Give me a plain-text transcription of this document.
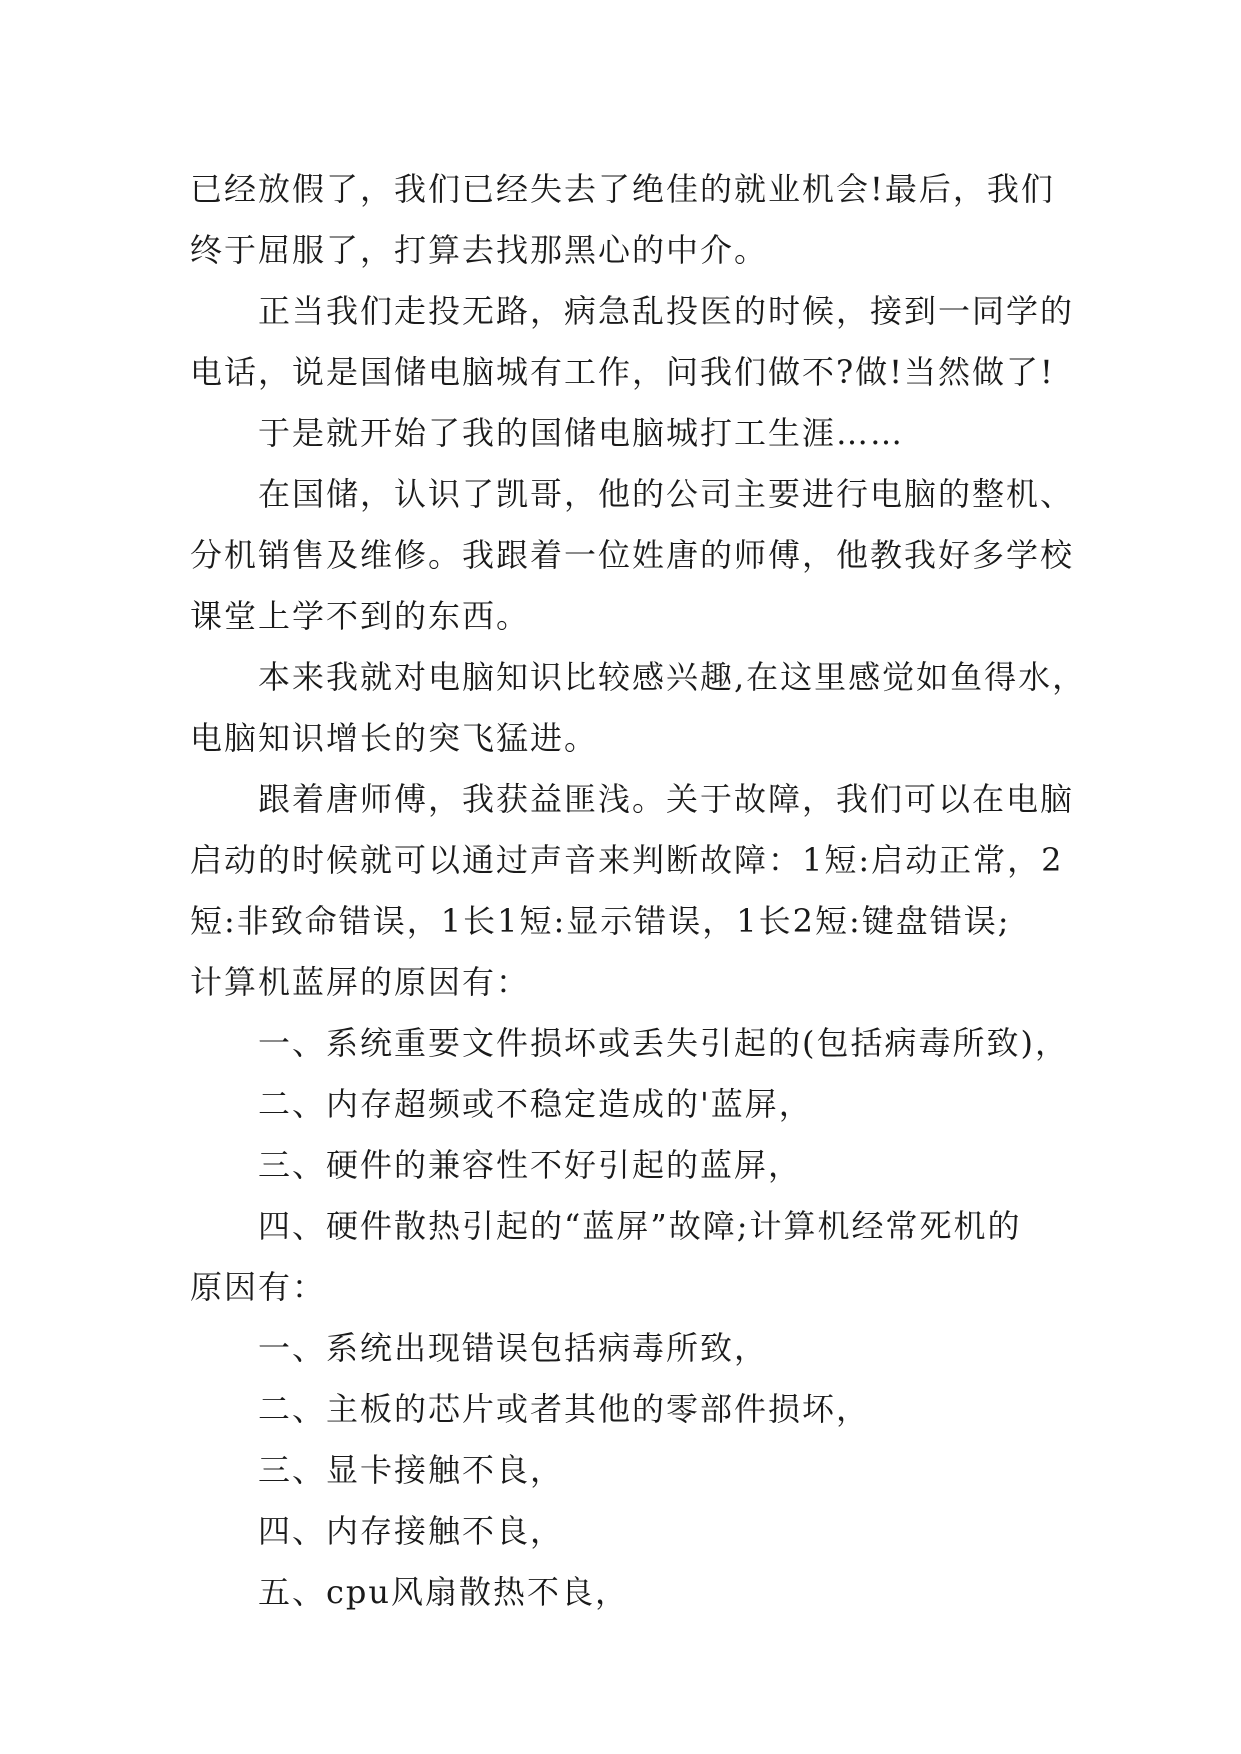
已经放假了，我们已经失去了绝佳的就业机会!最后，我们

终于屈服了，打算去找那黑心的中介。

正当我们走投无路，病急乱投医的时候，接到一同学的

电话，说是国储电脑城有工作，问我们做不?做!当然做了!

于是就开始了我的国储电脑城打工生涯……

在国储，认识了凯哥，他的公司主要进行电脑的整机、

分机销售及维修。我跟着一位姓唐的师傅，他教我好多学校

课堂上学不到的东西。

本来我就对电脑知识比较感兴趣,在这里感觉如鱼得水，

电脑知识增长的突飞猛进。

跟着唐师傅，我获益匪浅。关于故障，我们可以在电脑

启动的时候就可以通过声音来判断故障：1短:启动正常，2

短:非致命错误，1长1短:显示错误，1长2短:键盘错误;

计算机蓝屏的原因有：

一、系统重要文件损坏或丢失引起的(包括病毒所致)，

二、内存超频或不稳定造成的'蓝屏，

三、硬件的兼容性不好引起的蓝屏，

四、硬件散热引起的“蓝屏”故障;计算机经常死机的

原因有：

一、系统出现错误包括病毒所致，

二、主板的芯片或者其他的零部件损坏，

三、显卡接触不良，

四、内存接触不良，

五、cpu风扇散热不良，
